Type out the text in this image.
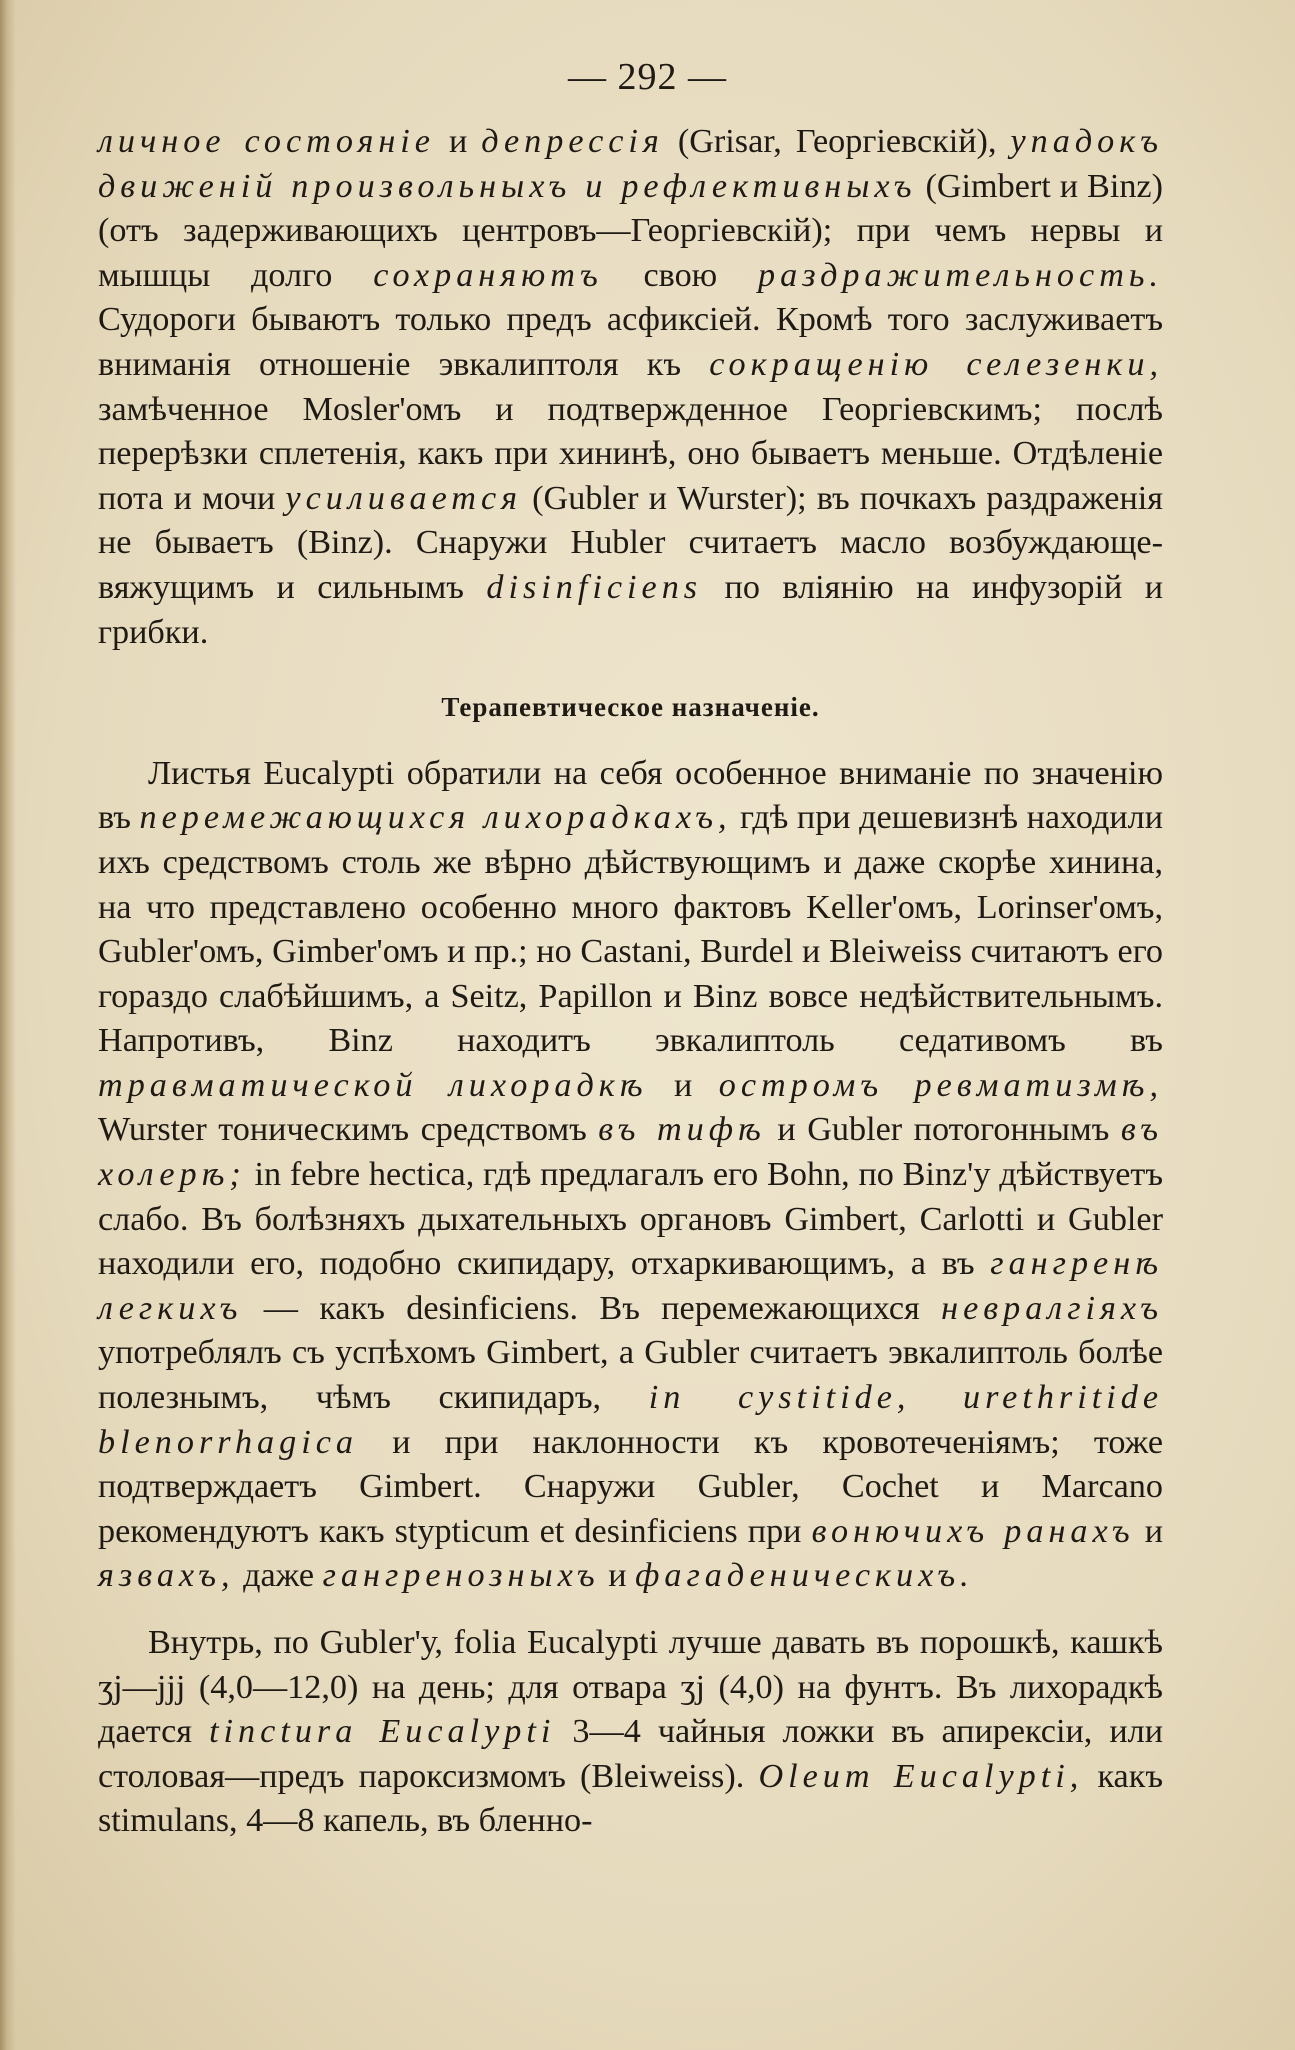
— 292 —

личное состояніе и депрессія (Grisar, Георгіевскій), упадокъ движеній произвольныхъ и рефлективныхъ (Gimbert и Binz) (отъ задерживающихъ центровъ—Георгіевскій); при чемъ нервы и мышцы долго сохраняютъ свою раздражительность. Судороги бываютъ только предъ асфиксіей. Кромѣ того заслуживаетъ вниманія отношеніе эвкалиптоля къ сокращенію селезенки, замѣченное Mosler'омъ и подтвержденное Георгіевскимъ; послѣ перерѣзки сплетенія, какъ при хининѣ, оно бываетъ меньше. Отдѣленіе пота и мочи усиливается (Gubler и Wurster); въ почкахъ раздраженія не бываетъ (Binz). Снаружи Hubler считаетъ масло возбуждающе-вяжущимъ и сильнымъ disinficiens по вліянію на инфузорій и грибки.

Терапевтическое назначеніе.

Листья Eucalypti обратили на себя особенное вниманіе по значенію въ перемежающихся лихорадкахъ, гдѣ при дешевизнѣ находили ихъ средствомъ столь же вѣрно дѣйствующимъ и даже скорѣе хинина, на что представлено особенно много фактовъ Keller'омъ, Lorinser'омъ, Gubler'омъ, Gimber'омъ и пр.; но Castani, Burdel и Bleiweiss считаютъ его гораздо слабѣйшимъ, а Seitz, Papillon и Binz вовсе недѣйствительнымъ. Напротивъ, Binz находитъ эвкалиптоль седативомъ въ травматической лихорадкѣ и остромъ ревматизмѣ, Wurster тоническимъ средствомъ въ тифѣ и Gubler потогоннымъ въ холерѣ; in febre hectica, гдѣ предлагалъ его Bohn, по Binz'у дѣйствуетъ слабо. Въ болѣзняхъ дыхательныхъ органовъ Gimbert, Carlotti и Gubler находили его, подобно скипидару, отхаркивающимъ, а въ гангренѣ легкихъ — какъ desinficiens. Въ перемежающихся невралгіяхъ употреблялъ съ успѣхомъ Gimbert, а Gubler считаетъ эвкалиптоль болѣе полезнымъ, чѣмъ скипидаръ, in cystitide, urethritide blenorrhagica и при наклонности къ кровотеченіямъ; тоже подтверждаетъ Gimbert. Снаружи Gubler, Cochet и Marcano рекомендуютъ какъ stypticum et desinficiens при вонючихъ ранахъ и язвахъ, даже гангренозныхъ и фагаденическихъ.

Внутрь, по Gubler'у, folia Eucalypti лучше давать въ порошкѣ, кашкѣ ʒj—jjj (4,0—12,0) на день; для отвара ʒj (4,0) на фунтъ. Въ лихорадкѣ дается tinctura Eucalypti 3—4 чайныя ложки въ апирексіи, или столовая—предъ пароксизмомъ (Bleiweiss). Oleum Eucalypti, какъ stimulans, 4—8 капель, въ бленно-
